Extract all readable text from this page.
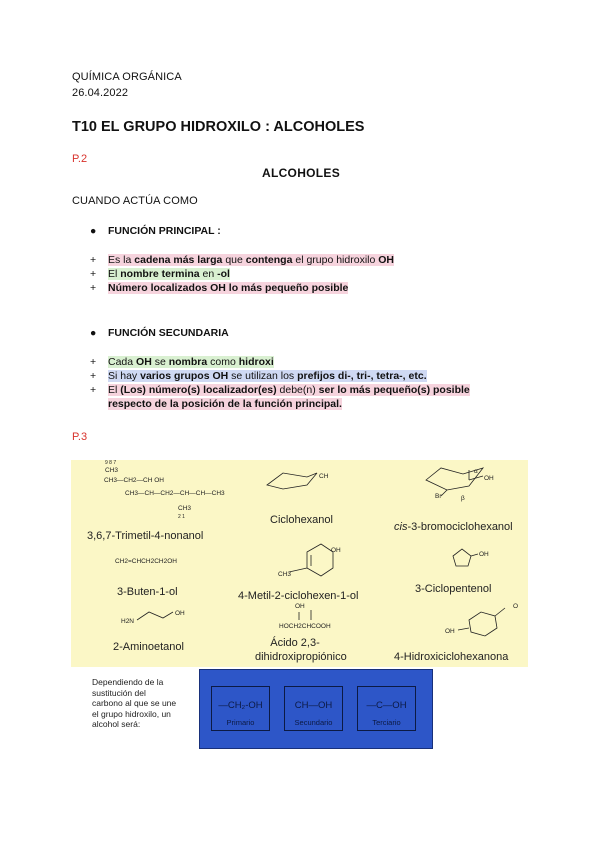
QUÍMICA ORGÁNICA
26.04.2022
T10 EL GRUPO HIDROXILO : ALCOHOLES
P.2
ALCOHOLES
CUANDO ACTÚA COMO
● FUNCIÓN PRINCIPAL :
+ Es la cadena más larga que contenga el grupo hidroxilo OH
+ El nombre termina en -ol
+ Número localizados OH lo más pequeño posible
● FUNCIÓN SECUNDARIA
+ Cada OH se nombra como hidroxi
+ Si hay varios grupos OH se utilizan los prefijos di-, tri-, tetra-, etc.
+ El (Los) número(s) localizador(es) debe(n) ser lo más pequeño(s) posible
respecto de la posición de la función principal.
P.3
CH3
CH3—CH2—CH OH
CH3—CH—CH2—CH—CH—CH3
CH3
9 8 7
2 1
CH	OH
Br	β
α
CH2=CHCH2CH2OH
OH
CH3
OH
H2N
OH
HOCH2CHCOOH
OH	O
OH
3,6,7-Trimetil-4-nonanol
Ciclohexanol
cis-3-bromociclohexanol
3-Buten-1-ol	4-Metil-2-ciclohexen-1-ol
3-Ciclopentenol
2-Aminoetanol	Ácido 2,3-
dihidroxipropiónico	4-Hidroxiciclohexanona
Dependiendo de la sustitución del carbono al que se une el grupo hidroxilo, un alcohol será:
—CH₂-OH
Primario
CH—OH
Secundario
—C—OH
Terciario
